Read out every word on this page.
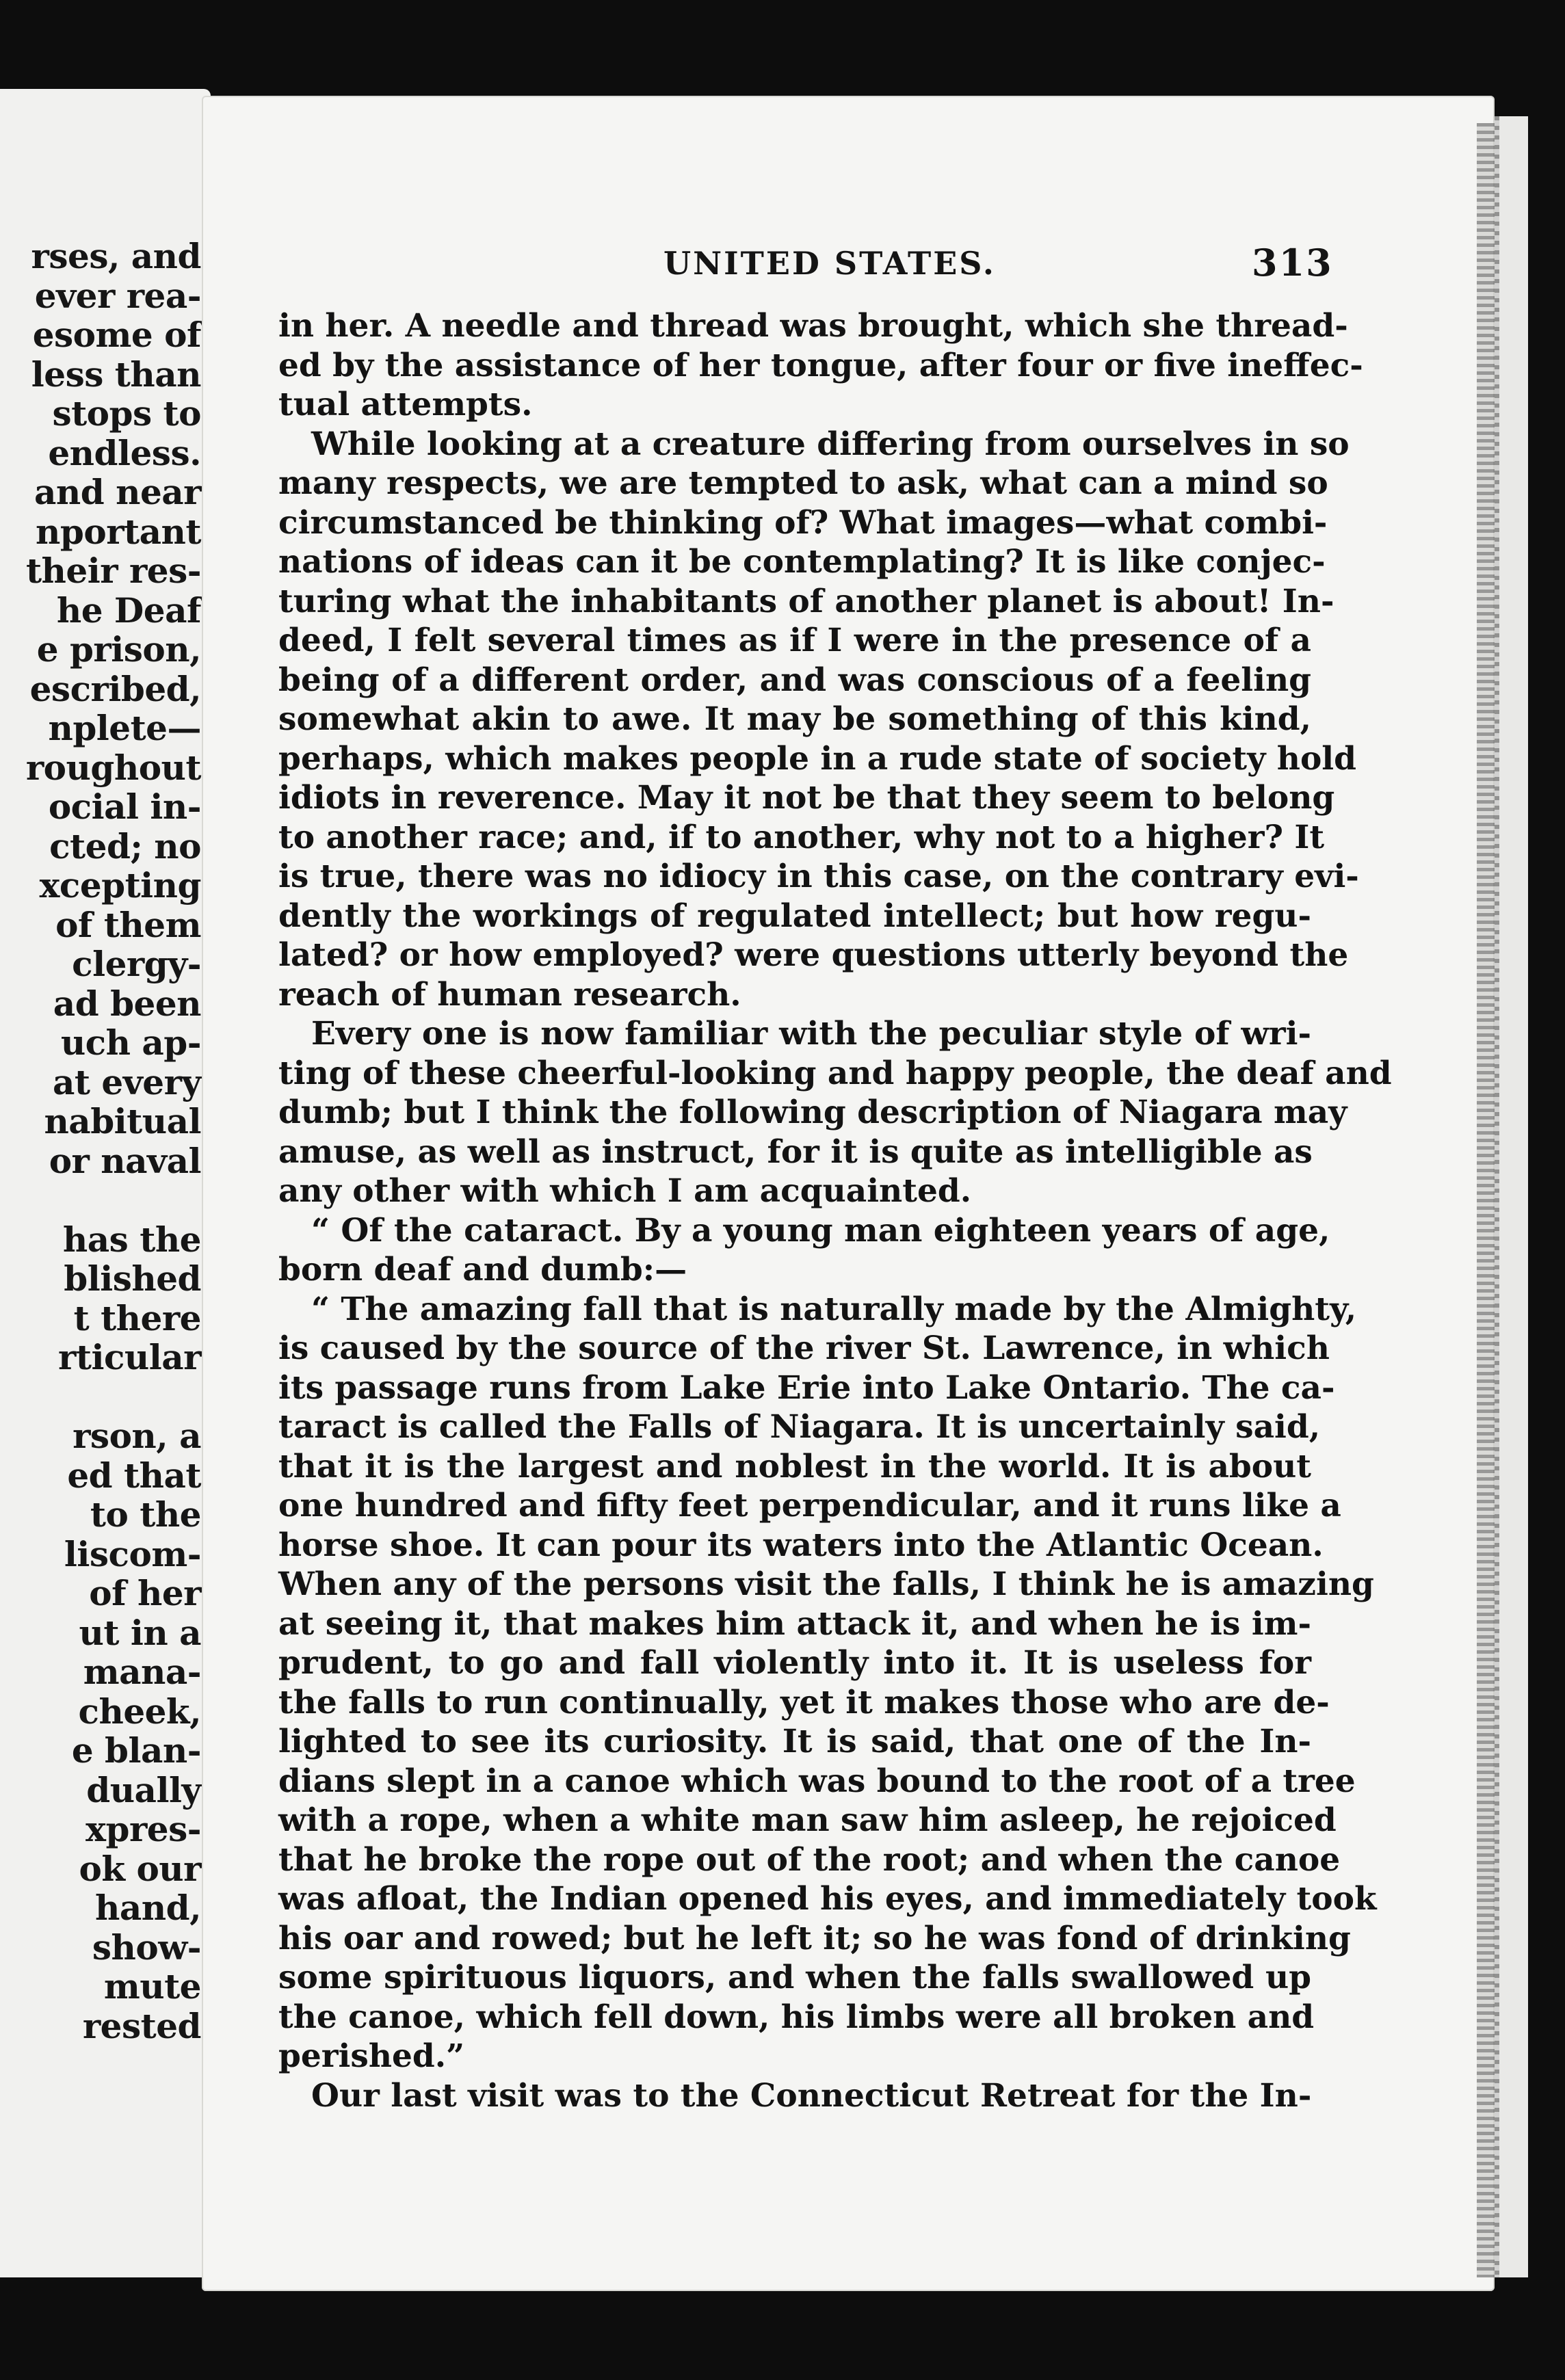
rses, and
ever rea-
esome of
less than
stops to
endless.
and near
nportant
their res-
he Deaf
e prison,
escribed,
nplete—
roughout
ocial in-
cted; no
xcepting
of them
clergy-
ad been
uch ap-
at every
nabitual
or naval
has the
blished
t there
rticular
rson, a
ed that
to the
liscom-
of her
ut in a
mana-
cheek,
e blan-
dually
xpres-
ok our
hand,
show-
mute
rested
UNITED STATES.	313
in her. A needle and thread was brought, which she thread-
ed by the assistance of her tongue, after four or five ineffec-
tual attempts.
While looking at a creature differing from ourselves in so
many respects, we are tempted to ask, what can a mind so
circumstanced be thinking of? What images—what combi-
nations of ideas can it be contemplating? It is like conjec-
turing what the inhabitants of another planet is about! In-
deed, I felt several times as if I were in the presence of a
being of a different order, and was conscious of a feeling
somewhat akin to awe. It may be something of this kind,
perhaps, which makes people in a rude state of society hold
idiots in reverence. May it not be that they seem to belong
to another race; and, if to another, why not to a higher? It
is true, there was no idiocy in this case, on the contrary evi-
dently the workings of regulated intellect; but how regu-
lated? or how employed? were questions utterly beyond the
reach of human research.
Every one is now familiar with the peculiar style of wri-
ting of these cheerful-looking and happy people, the deaf and
dumb; but I think the following description of Niagara may
amuse, as well as instruct, for it is quite as intelligible as
any other with which I am acquainted.
“ Of the cataract. By a young man eighteen years of age,
born deaf and dumb:—
“ The amazing fall that is naturally made by the Almighty,
is caused by the source of the river St. Lawrence, in which
its passage runs from Lake Erie into Lake Ontario. The ca-
taract is called the Falls of Niagara. It is uncertainly said,
that it is the largest and noblest in the world. It is about
one hundred and fifty feet perpendicular, and it runs like a
horse shoe. It can pour its waters into the Atlantic Ocean.
When any of the persons visit the falls, I think he is amazing
at seeing it, that makes him attack it, and when he is im-
prudent, to go and fall violently into it. It is useless for
the falls to run continually, yet it makes those who are de-
lighted to see its curiosity. It is said, that one of the In-
dians slept in a canoe which was bound to the root of a tree
with a rope, when a white man saw him asleep, he rejoiced
that he broke the rope out of the root; and when the canoe
was afloat, the Indian opened his eyes, and immediately took
his oar and rowed; but he left it; so he was fond of drinking
some spirituous liquors, and when the falls swallowed up
the canoe, which fell down, his limbs were all broken and
perished.”
Our last visit was to the Connecticut Retreat for the In-
